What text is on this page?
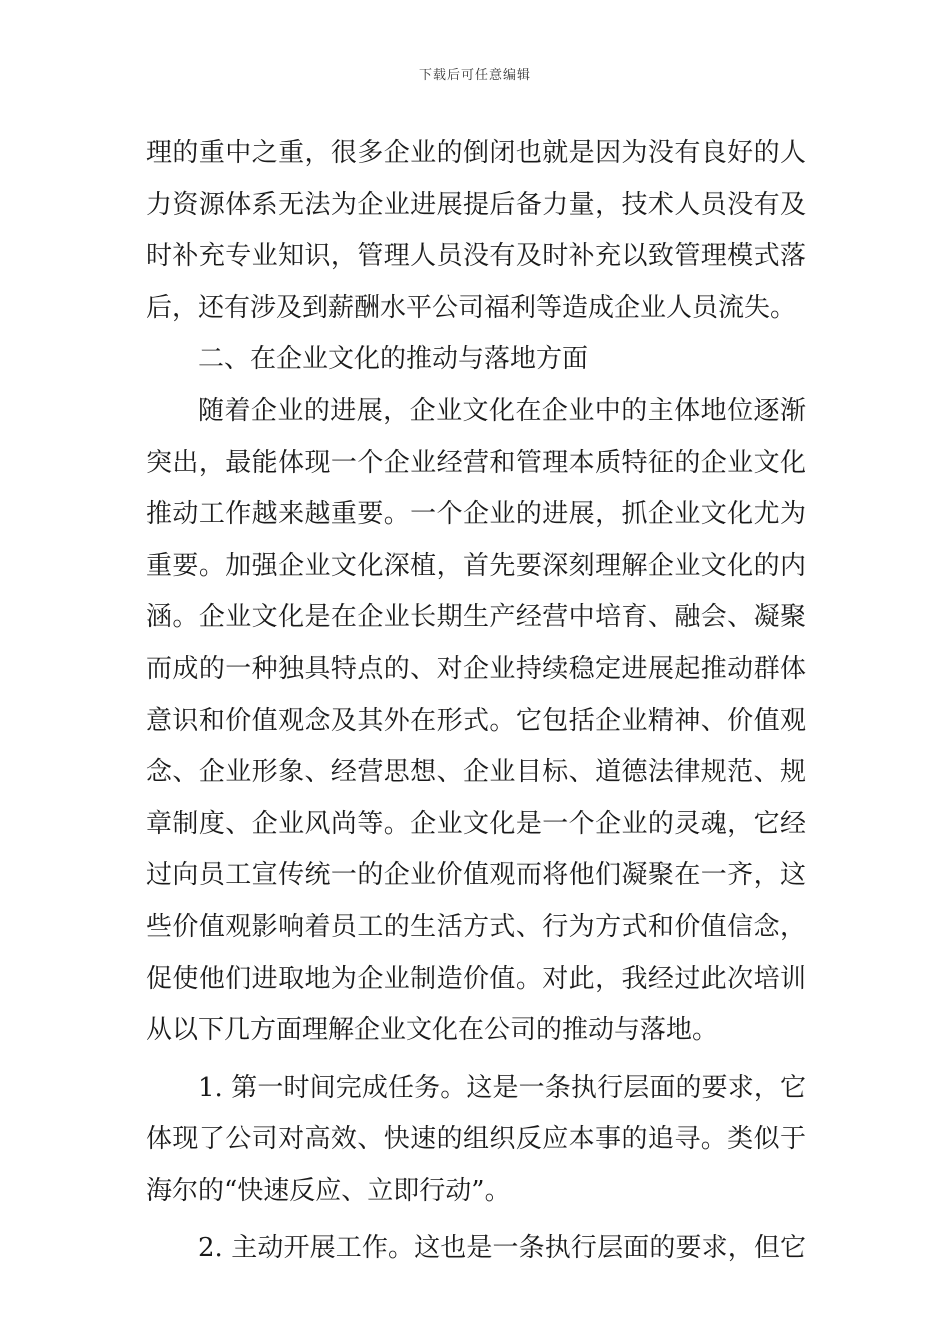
下载后可任意编辑
理的重中之重，很多企业的倒闭也就是因为没有良好的人
力资源体系无法为企业进展提后备力量，技术人员没有及
时补充专业知识，管理人员没有及时补充以致管理模式落
后，还有涉及到薪酬水平公司福利等造成企业人员流失。
二、在企业文化的推动与落地方面
随着企业的进展，企业文化在企业中的主体地位逐渐
突出，最能体现一个企业经营和管理本质特征的企业文化
推动工作越来越重要。一个企业的进展，抓企业文化尤为
重要。加强企业文化深植，首先要深刻理解企业文化的内
涵。企业文化是在企业长期生产经营中培育、融会、凝聚
而成的一种独具特点的、对企业持续稳定进展起推动群体
意识和价值观念及其外在形式。它包括企业精神、价值观
念、企业形象、经营思想、企业目标、道德法律规范、规
章制度、企业风尚等。企业文化是一个企业的灵魂，它经
过向员工宣传统一的企业价值观而将他们凝聚在一齐，这
些价值观影响着员工的生活方式、行为方式和价值信念，
促使他们进取地为企业制造价值。对此，我经过此次培训
从以下几方面理解企业文化在公司的推动与落地。
1. 第一时间完成任务。这是一条执行层面的要求，它
体现了公司对高效、快速的组织反应本事的追寻。类似于
海尔的“快速反应、立即行动”。
2. 主动开展工作。这也是一条执行层面的要求，但它
